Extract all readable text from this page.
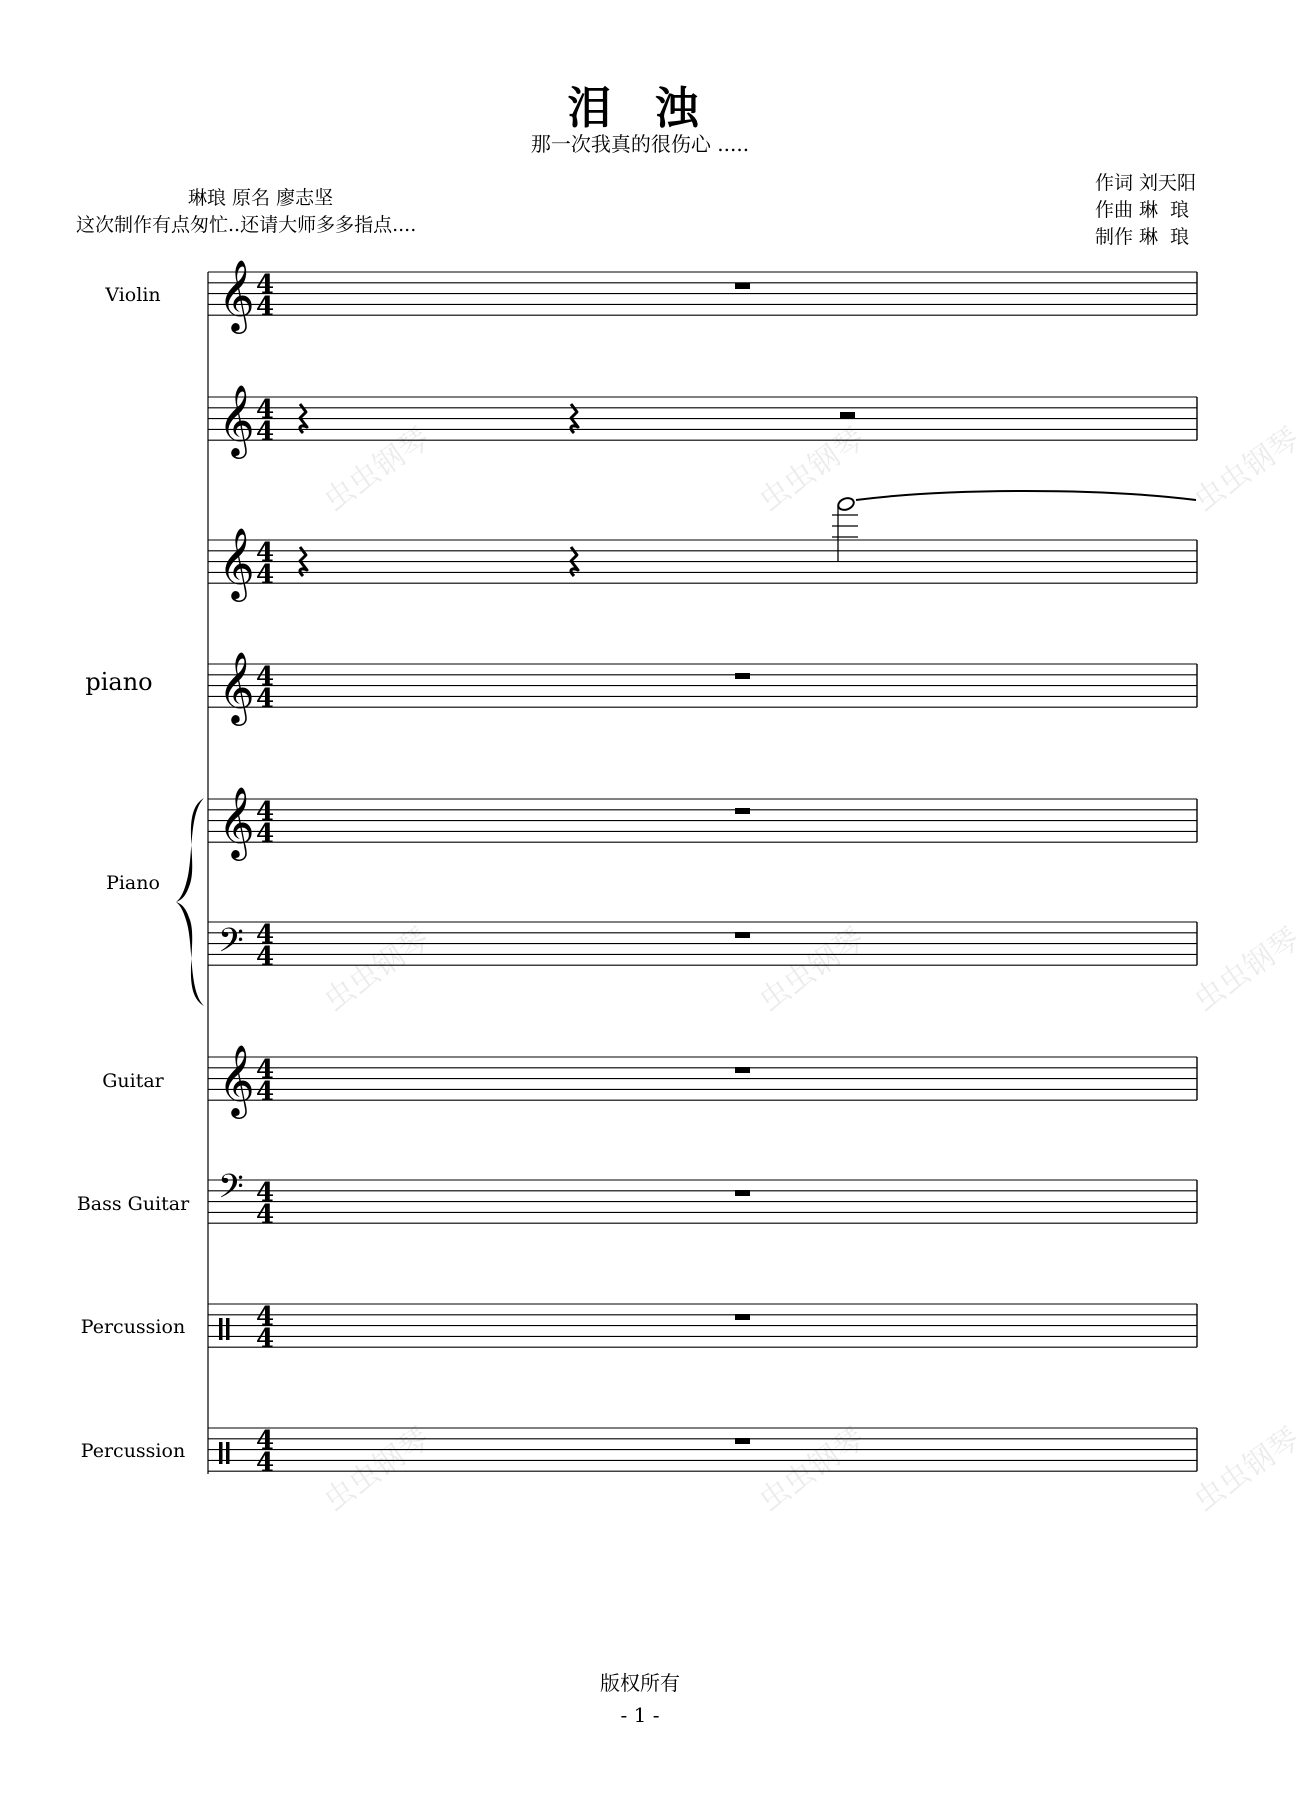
泪 浊
那一次我真的很伤心 .....
琳琅 原名 廖志坚
这次制作有点匆忙..还请大师多多指点....
作词 刘天阳
作曲 琳  琅
制作 琳  琅
虫虫钢琴	虫虫钢琴	虫虫钢琴
虫虫钢琴	虫虫钢琴	虫虫钢琴
虫虫钢琴	虫虫钢琴	虫虫钢琴
Violin
piano
Piano
Guitar
Bass Guitar
Percussion
Percussion
𝄞
𝄞
𝄞
𝄞
𝄞
𝄢
𝄞
𝄢
4
4
4
4
4
4
4
4
4
4
4
4
4
4
4
4
4
4
4
4
版权所有
- 1 -
